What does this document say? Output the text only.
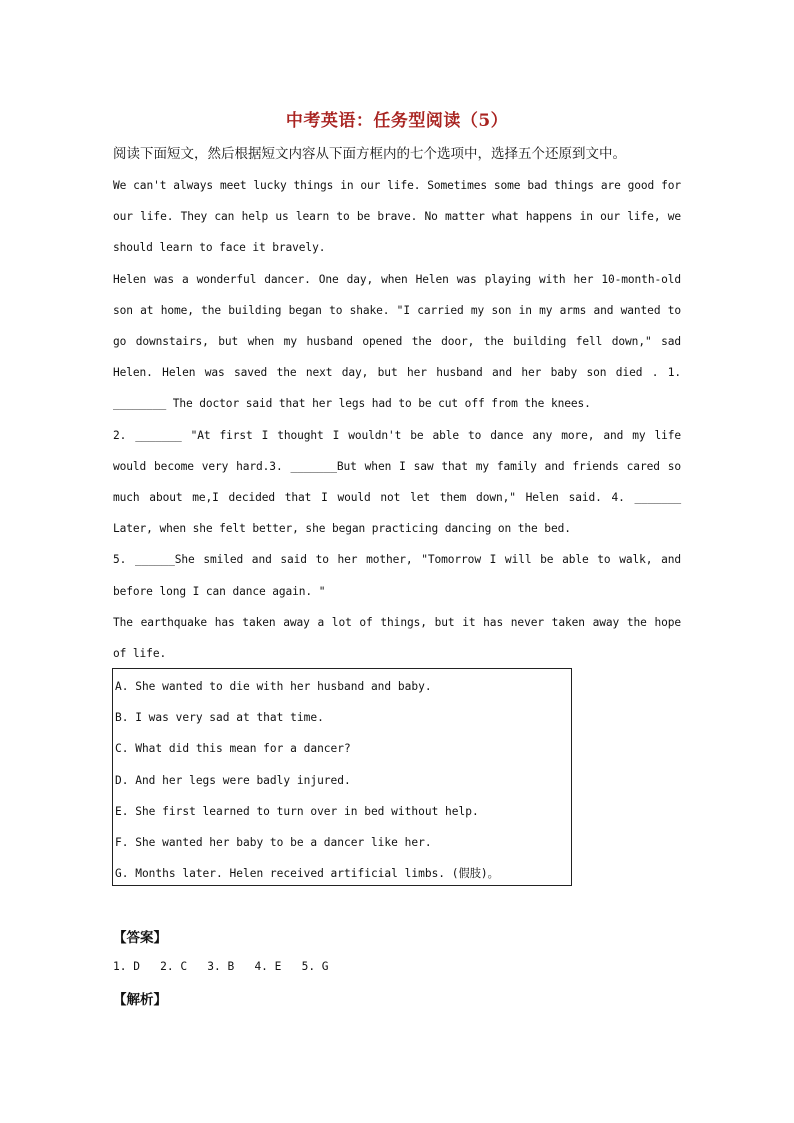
中考英语：任务型阅读（5）
阅读下面短文，然后根据短文内容从下面方框内的七个选项中，选择五个还原到文中。

We can't always meet lucky things in our life. Sometimes some bad things are good for our life. They can help us learn to be brave. No matter what happens in our life, we should learn to face it bravely.

Helen was a wonderful dancer. One day, when Helen was playing with her 10-month-old son at home, the building began to shake. "I carried my son in my arms and wanted to go downstairs, but when my husband opened the door, the building fell down," sad Helen. Helen was saved the next day, but her husband and her baby son died . 1. ________ The doctor said that her legs had to be cut off from the knees.

2. _______ "At first I thought I wouldn't be able to dance any more, and my life would become very hard.3. _______But when I saw that my family and friends cared so much about me,I decided that I would not let them down," Helen said. 4. _______ Later, when she felt better, she began practicing dancing on the bed.

5. ______She smiled and said to her mother, "Tomorrow I will be able to walk, and before long I can dance again. "

The earthquake has taken away a lot of things, but it has never taken away the hope of life.

A. She wanted to die with her husband and baby.
B. I was very sad at that time.
C. What did this mean for a dancer?
D. And her legs were badly injured.
E. She first learned to turn over in bed without help.
F. She wanted her baby to be a dancer like her.
G. Months later. Helen received artificial limbs. (假肢)。
【答案】
1. D   2. C   3. B   4. E   5. G
【解析】
